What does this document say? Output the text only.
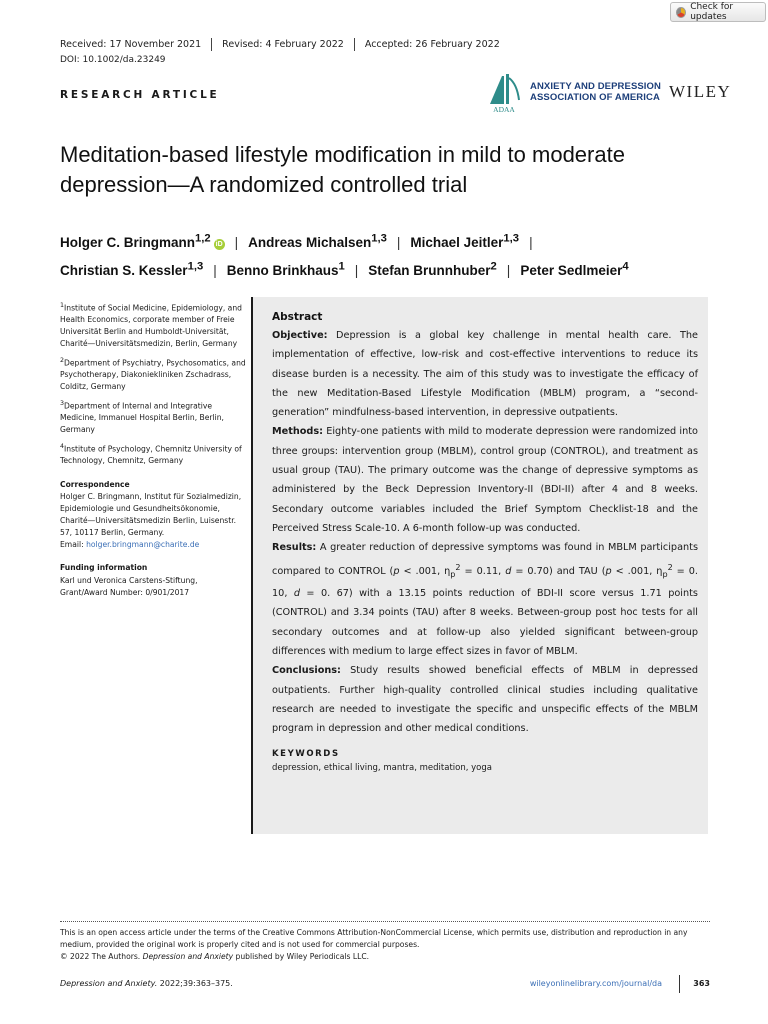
Check for updates
Received: 17 November 2021	Revised: 4 February 2022	Accepted: 26 February 2022
DOI: 10.1002/da.23249
RESEARCH ARTICLE
ADAA
ANXIETY AND DEPRESSION
ASSOCIATION OF AMERICA WILEY
Meditation-based lifestyle modification in mild to moderate depression—A randomized controlled trial
Holger C. Bringmann$^{1,2}$ iD | Andreas Michalsen$^{1,3}$ | Michael Jeitler$^{1,3}$ |
Christian S. Kessler$^{1,3}$ | Benno Brinkhaus$^1$ | Stefan Brunnhuber$^2$ | Peter Sedlmeier$^4$
$^1$Institute of Social Medicine, Epidemiology, and Health Economics, corporate member of Freie Universität Berlin and Humboldt-Universität, Charité—Universitätsmedizin, Berlin, Germany
$^2$Department of Psychiatry, Psychosomatics, and Psychotherapy, Diakoniekliniken Zschadrass, Colditz, Germany
$^3$Department of Internal and Integrative Medicine, Immanuel Hospital Berlin, Berlin, Germany
$^4$Institute of Psychology, Chemnitz University of Technology, Chemnitz, Germany
Correspondence
Holger C. Bringmann, Institut für Sozialmedizin, Epidemiologie und Gesundheitsökonomie, Charité—Universitätsmedizin Berlin, Luisenstr. 57, 10117 Berlin, Germany.
Email: holger.bringmann@charite.de
Funding information
Karl und Veronica Carstens-Stiftung, Grant/Award Number: 0/901/2017
Abstract

Objective: Depression is a global key challenge in mental health care. The implementation of effective, low-risk and cost-effective interventions to reduce its disease burden is a necessity. The aim of this study was to investigate the efficacy of the new Meditation-Based Lifestyle Modification (MBLM) program, a “second-generation” mindfulness-based intervention, in depressive outpatients.

Methods: Eighty-one patients with mild to moderate depression were randomized into three groups: intervention group (MBLM), control group (CONTROL), and treatment as usual group (TAU). The primary outcome was the change of depressive symptoms as administered by the Beck Depression Inventory-II (BDI-II) after 4 and 8 weeks. Secondary outcome variables included the Brief Symptom Checklist-18 and the Perceived Stress Scale-10. A 6-month follow-up was conducted.

Results: A greater reduction of depressive symptoms was found in MBLM participants compared to CONTROL (p < .001, $\eta_p^2 = 0.11$, d = 0.70) and TAU (p < .001, $\eta_p^2 = 0$. 10, d = 0. 67) with a 13.15 points reduction of BDI-II score versus 1.71 points (CONTROL) and 3.34 points (TAU) after 8 weeks. Between-group post hoc tests for all secondary outcomes and at follow-up also yielded significant between-group differences with medium to large effect sizes in favor of MBLM.

Conclusions: Study results showed beneficial effects of MBLM in depressed outpatients. Further high-quality controlled clinical studies including qualitative research are needed to investigate the specific and unspecific effects of the MBLM program in depression and other medical conditions.

KEYWORDS
depression, ethical living, mantra, meditation, yoga
This is an open access article under the terms of the Creative Commons Attribution-NonCommercial License, which permits use, distribution and reproduction in any medium, provided the original work is properly cited and is not used for commercial purposes.
© 2022 The Authors. Depression and Anxiety published by Wiley Periodicals LLC.
Depression and Anxiety. 2022;39:363–375.	wileyonlinelibrary.com/journal/da	363
